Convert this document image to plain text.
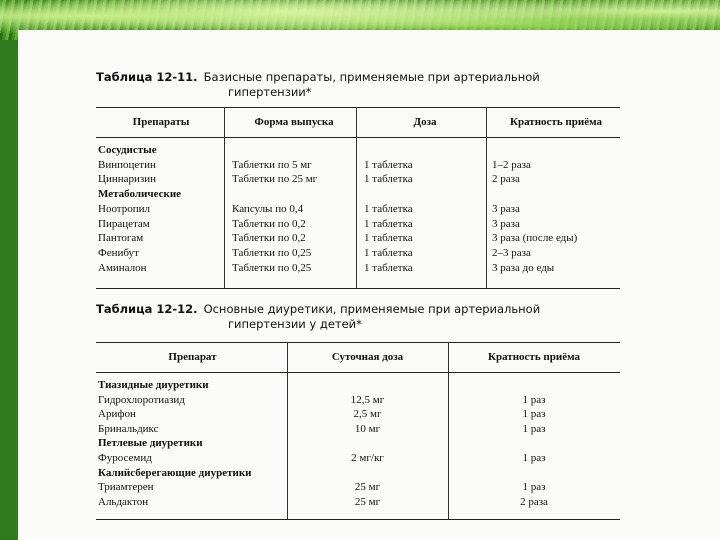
Таблица 12-11. Базисные препараты, применяемые при артериальной
гипертензии*
Препараты	Форма выпуска	Доза	Кратность приёма
Сосудистые
Винпоцетин	Таблетки по 5 мг	1 таблетка	1–2 раза
Циннаризин	Таблетки по 25 мг	1 таблетка	2 раза
Метаболические
Ноотропил	Капсулы по 0,4	1 таблетка	3 раза
Пирацетам	Таблетки по 0,2	1 таблетка	3 раза
Пантогам	Таблетки по 0,2	1 таблетка	3 раза (после еды)
Фенибут	Таблетки по 0,25	1 таблетка	2–3 раза
Аминалон	Таблетки по 0,25	1 таблетка	3 раза до еды
Таблица 12-12. Основные диуретики, применяемые при артериальной
гипертензии у детей*
Препарат	Суточная доза	Кратность приёма
Тиазидные диуретики
Гидрохлоротиазид	12,5 мг	1 раз
Арифон	2,5 мг	1 раз
Бринальдикс	10 мг	1 раз
Петлевые диуретики
Фуросемид	2 мг/кг	1 раз
Калийсберегающие диуретики
Триамтерен	25 мг	1 раз
Альдактон	25 мг	2 раза
